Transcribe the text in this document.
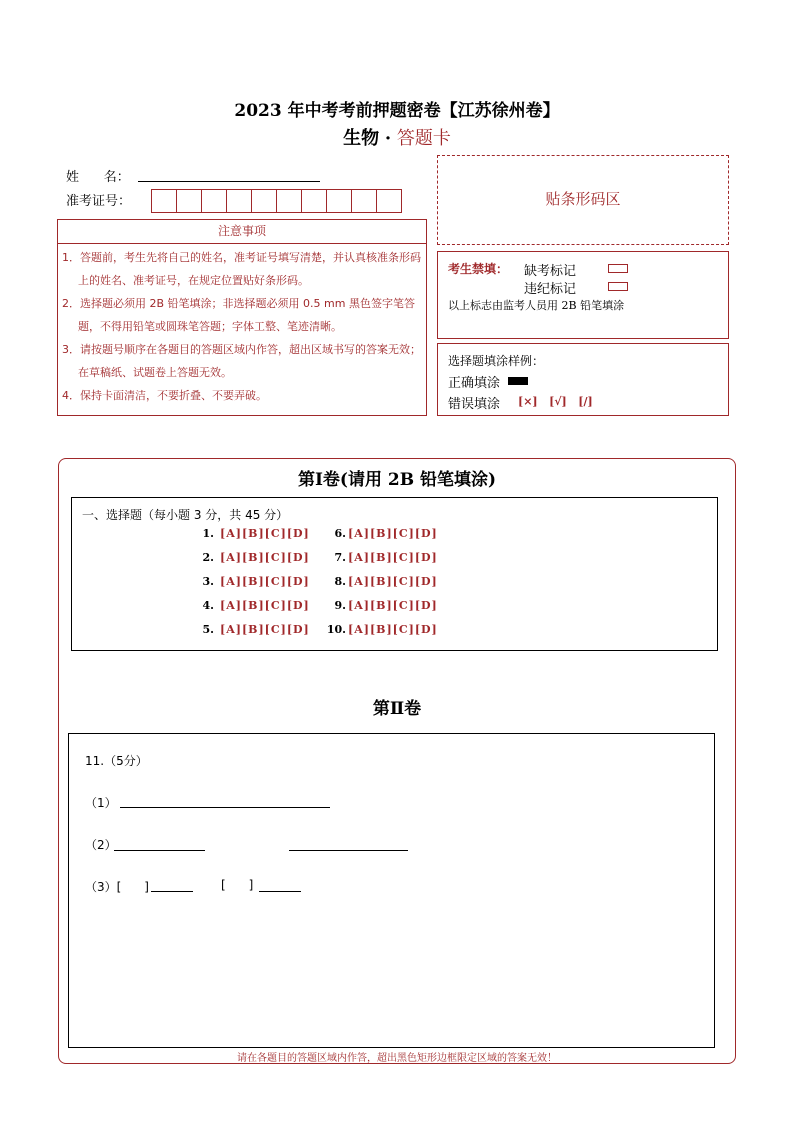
2023 年中考考前押题密卷【江苏徐州卷】
生物 · 答题卡
姓      名：
准考证号：
注意事项
1．答题前，考生先将自己的姓名，准考证号填写清楚，并认真核准条形码上的姓名、准考证号，在规定位置贴好条形码。
2．选择题必须用 2B 铅笔填涂；非选择题必须用 0.5 mm 黑色签字笔答题，不得用铅笔或圆珠笔答题；字体工整、笔迹清晰。
3．请按题号顺序在各题目的答题区域内作答，超出区域书写的答案无效；在草稿纸、试题卷上答题无效。
4．保持卡面清洁，不要折叠、不要弄破。
贴条形码区
考生禁填： 缺考标记
违纪标记
以上标志由监考人员用 2B 铅笔填涂
选择题填涂样例：
正确填涂
错误填涂 [×]   [√]   [/]
第Ⅰ卷(请用 2B 铅笔填涂)
一、选择题（每小题 3 分，共 45 分）
1. [A][B][C][D]	6. [A][B][C][D]
2. [A][B][C][D]	7. [A][B][C][D]
3. [A][B][C][D]	8. [A][B][C][D]
4. [A][B][C][D]	9. [A][B][C][D]
5. [A][B][C][D]	10. [A][B][C][D]
第Ⅱ卷
11.（5分）
（1）
（2）
（3）[      ]	[      ]
请在各题目的答题区域内作答，超出黑色矩形边框限定区域的答案无效！
